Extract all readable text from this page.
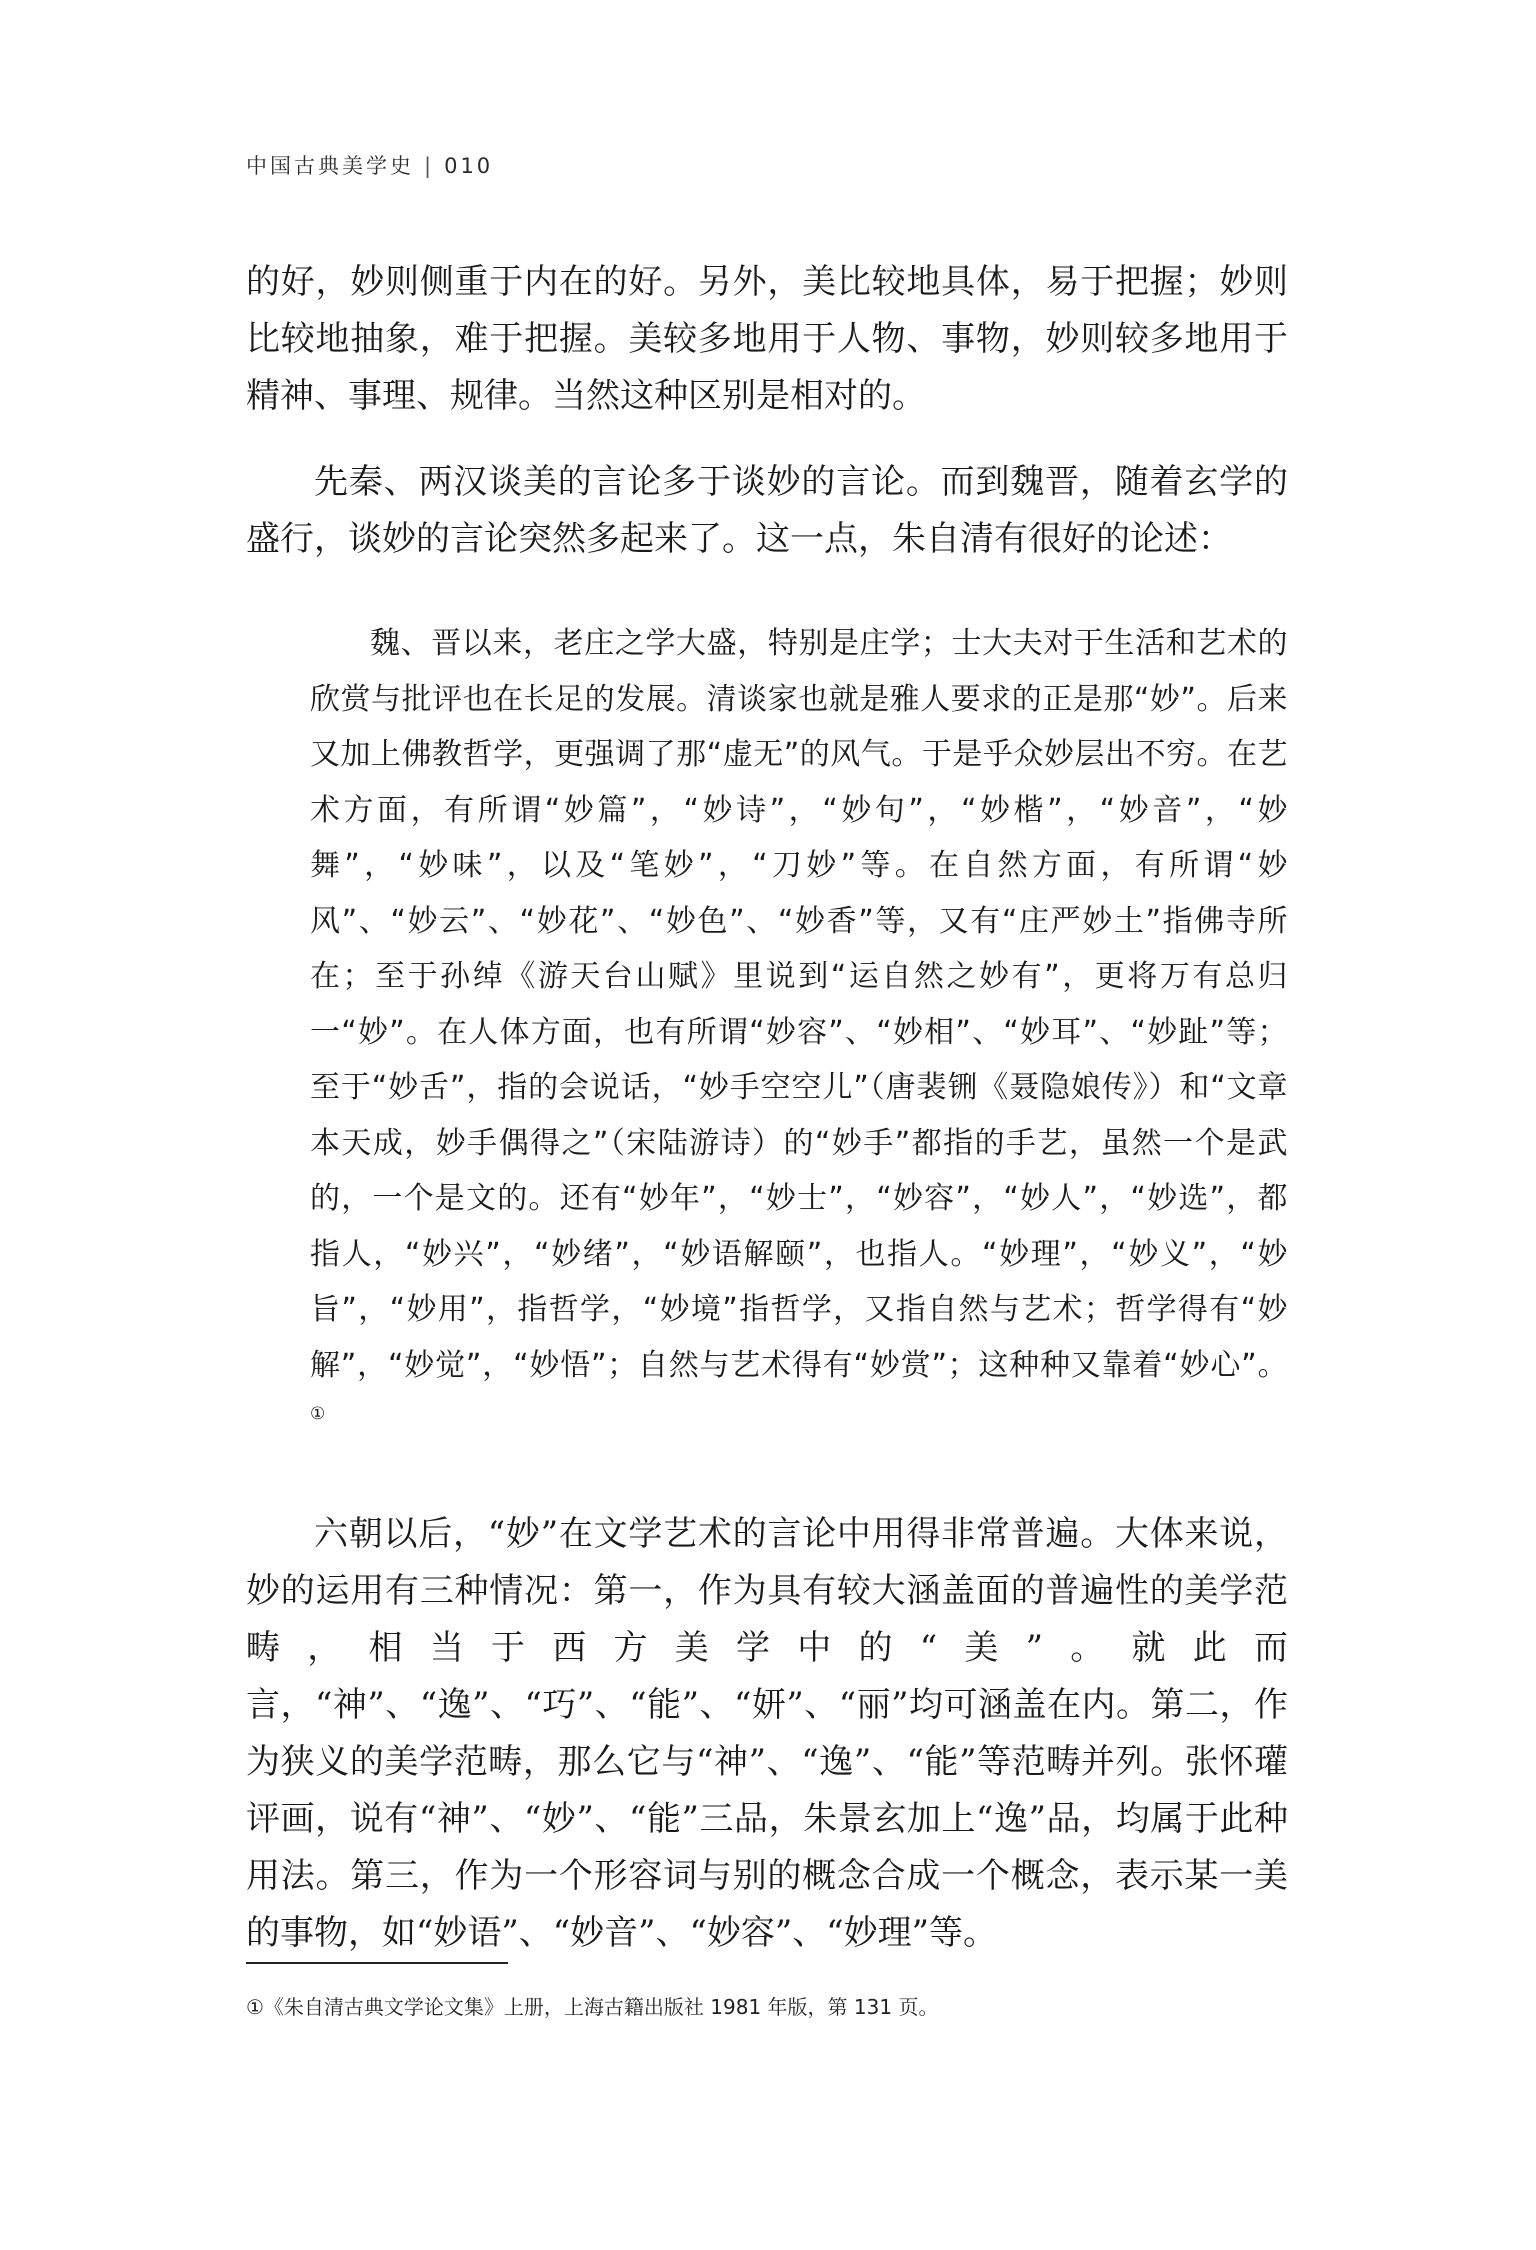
中国古典美学史 | 010

的好，妙则侧重于内在的好。另外，美比较地具体，易于把握；妙则比较地抽象，难于把握。美较多地用于人物、事物，妙则较多地用于精神、事理、规律。当然这种区别是相对的。

先秦、两汉谈美的言论多于谈妙的言论。而到魏晋，随着玄学的盛行，谈妙的言论突然多起来了。这一点，朱自清有很好的论述：

魏、晋以来，老庄之学大盛，特别是庄学；士大夫对于生活和艺术的欣赏与批评也在长足的发展。清谈家也就是雅人要求的正是那“妙”。后来又加上佛教哲学，更强调了那“虚无”的风气。于是乎众妙层出不穷。在艺术方面，有所谓“妙篇”，“妙诗”，“妙句”，“妙楷”，“妙音”，“妙舞”，“妙味”，以及“笔妙”，“刀妙”等。在自然方面，有所谓“妙风”、“妙云”、“妙花”、“妙色”、“妙香”等，又有“庄严妙土”指佛寺所在；至于孙绰《游天台山赋》里说到“运自然之妙有”，更将万有总归一“妙”。在人体方面，也有所谓“妙容”、“妙相”、“妙耳”、“妙趾”等；至于“妙舌”，指的会说话，“妙手空空儿”（唐裴铏《聂隐娘传》）和“文章本天成，妙手偶得之”（宋陆游诗）的“妙手”都指的手艺，虽然一个是武的，一个是文的。还有“妙年”，“妙士”，“妙容”，“妙人”，“妙选”，都指人，“妙兴”，“妙绪”，“妙语解颐”，也指人。“妙理”，“妙义”，“妙旨”，“妙用”，指哲学，“妙境”指哲学，又指自然与艺术；哲学得有“妙解”，“妙觉”，“妙悟”；自然与艺术得有“妙赏”；这种种又靠着“妙心”。①

六朝以后，“妙”在文学艺术的言论中用得非常普遍。大体来说，妙的运用有三种情况：第一，作为具有较大涵盖面的普遍性的美学范畴，相当于西方美学中的“美”。就此而言，“神”、“逸”、“巧”、“能”、“妍”、“丽”均可涵盖在内。第二，作为狭义的美学范畴，那么它与“神”、“逸”、“能”等范畴并列。张怀瓘评画，说有“神”、“妙”、“能”三品，朱景玄加上“逸”品，均属于此种用法。第三，作为一个形容词与别的概念合成一个概念，表示某一美的事物，如“妙语”、“妙音”、“妙容”、“妙理”等。

①《朱自清古典文学论文集》上册，上海古籍出版社 1981 年版，第 131 页。
